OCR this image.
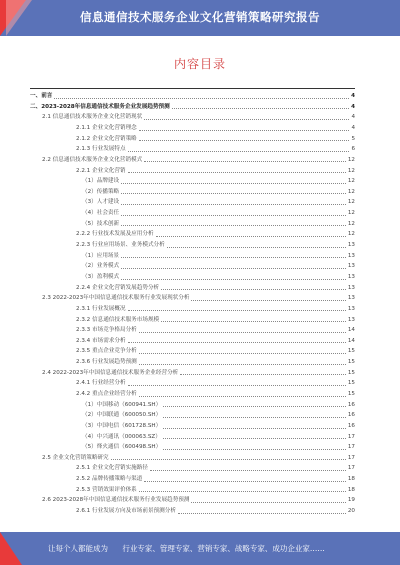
信息通信技术服务企业文化营销策略研究报告
内容目录
一、前言	4
二、2023-2028年信息通信技术服务企业发展趋势预测	4
2.1 信息通信技术服务企业文化营销现状	4
2.1.1 企业文化营销理念	4
2.1.2 企业文化营销策略	5
2.1.3 行业发展特点	6
2.2 信息通信技术服务企业文化营销模式	12
2.2.1 企业文化营销	12
（1）品牌建设	12
（2）传播策略	12
（3）人才建设	12
（4）社会责任	12
（5）技术创新	12
2.2.2 行业技术发展及应用分析	12
2.2.3 行业应用场景、业务模式分析	13
（1）应用场景	13
（2）业务模式	13
（3）盈利模式	13
2.2.4 企业文化营销发展趋势分析	13
2.3 2022-2023年中国信息通信技术服务行业发展现状分析	13
2.3.1 行业发展概况	13
2.3.2 信息通信技术服务市场规模	13
2.3.3 市场竞争格局分析	14
2.3.4 市场需求分析	14
2.3.5 重点企业竞争分析	15
2.3.6 行业发展趋势预测	15
2.4 2022-2023年中国信息通信技术服务企业经营分析	15
2.4.1 行业经营分析	15
2.4.2 重点企业经营分析	15
（1）中国移动（600941.SH）	16
（2）中国联通（600050.SH）	16
（3）中国电信（601728.SH）	16
（4）中兴通讯（000063.SZ）	17
（5）烽火通信（600498.SH）	17
2.5 企业文化营销策略研究	17
2.5.1 企业文化营销实施路径	17
2.5.2 品牌传播策略与渠道	18
2.5.3 营销效果评价体系	18
2.6 2023-2028年中国信息通信技术服务行业发展趋势预测	19
2.6.1 行业发展方向及市场前景预测分析	20
让每个人都能成为 行业专家、管理专家、营销专家、战略专家、成功企业家……
